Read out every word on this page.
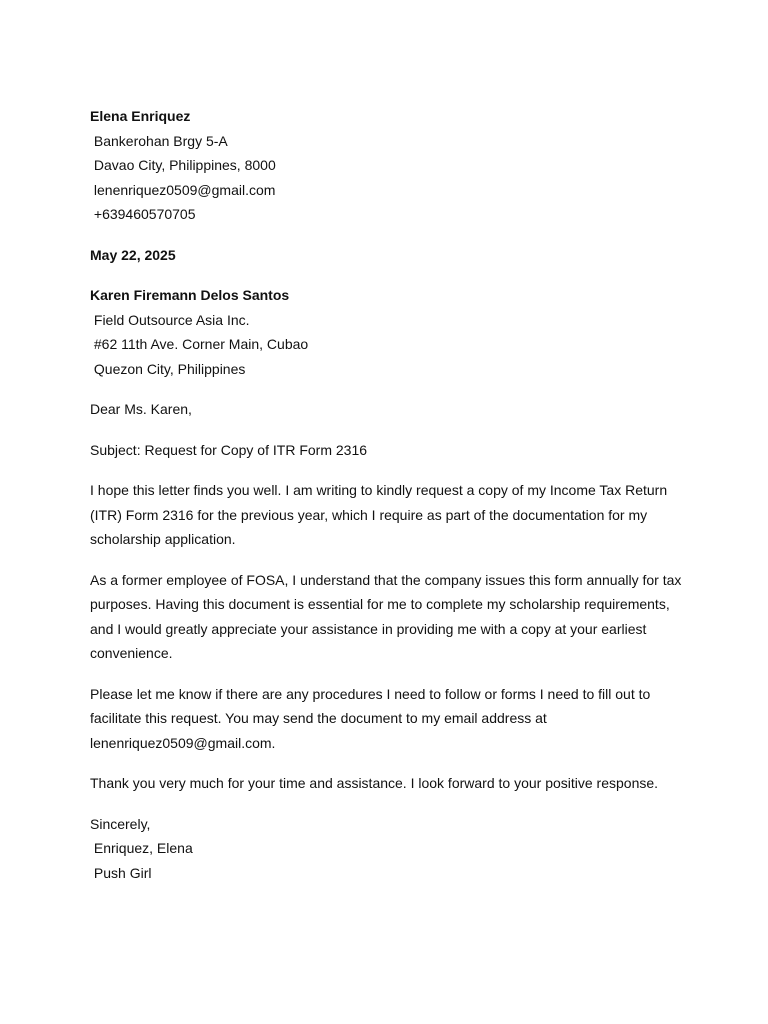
Elena Enriquez
Bankerohan Brgy 5-A
Davao City, Philippines, 8000
lenenriquez0509@gmail.com
+639460570705
May 22, 2025
Karen Firemann Delos Santos
Field Outsource Asia Inc.
#62 11th Ave. Corner Main, Cubao
Quezon City, Philippines
Dear Ms. Karen,
Subject: Request for Copy of ITR Form 2316
I hope this letter finds you well. I am writing to kindly request a copy of my Income Tax Return
(ITR) Form 2316 for the previous year, which I require as part of the documentation for my
scholarship application.
As a former employee of FOSA, I understand that the company issues this form annually for tax
purposes. Having this document is essential for me to complete my scholarship requirements,
and I would greatly appreciate your assistance in providing me with a copy at your earliest
convenience.
Please let me know if there are any procedures I need to follow or forms I need to fill out to
facilitate this request. You may send the document to my email address at
lenenriquez0509@gmail.com.
Thank you very much for your time and assistance. I look forward to your positive response.
Sincerely,
Enriquez, Elena
Push Girl
